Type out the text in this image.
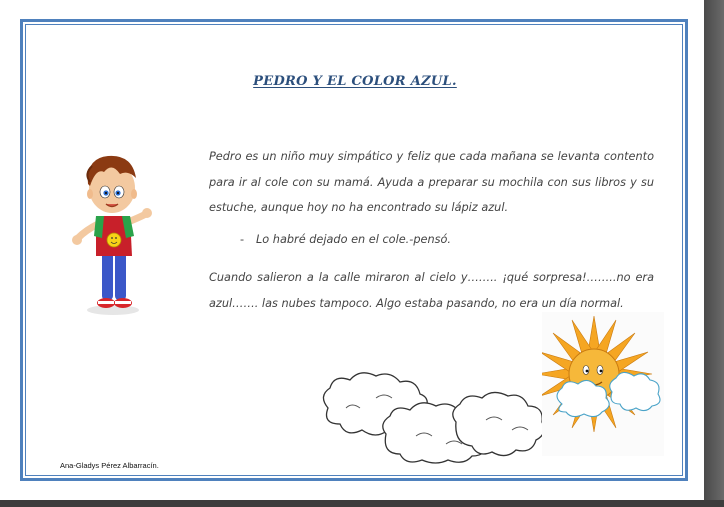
PEDRO Y EL COLOR AZUL.
Pedro es un niño muy simpático y feliz que cada mañana se levanta contento para ir al cole con su mamá. Ayuda a preparar su mochila con sus libros y su estuche, aunque hoy no ha encontrado su lápiz azul.
- Lo habré dejado en el cole.-pensó.
Cuando salieron a la calle miraron al cielo y…….. ¡qué sorpresa!……..no era azul……. las nubes tampoco. Algo estaba pasando, no era un día normal.
Ana-Gladys Pérez Albarracín.
